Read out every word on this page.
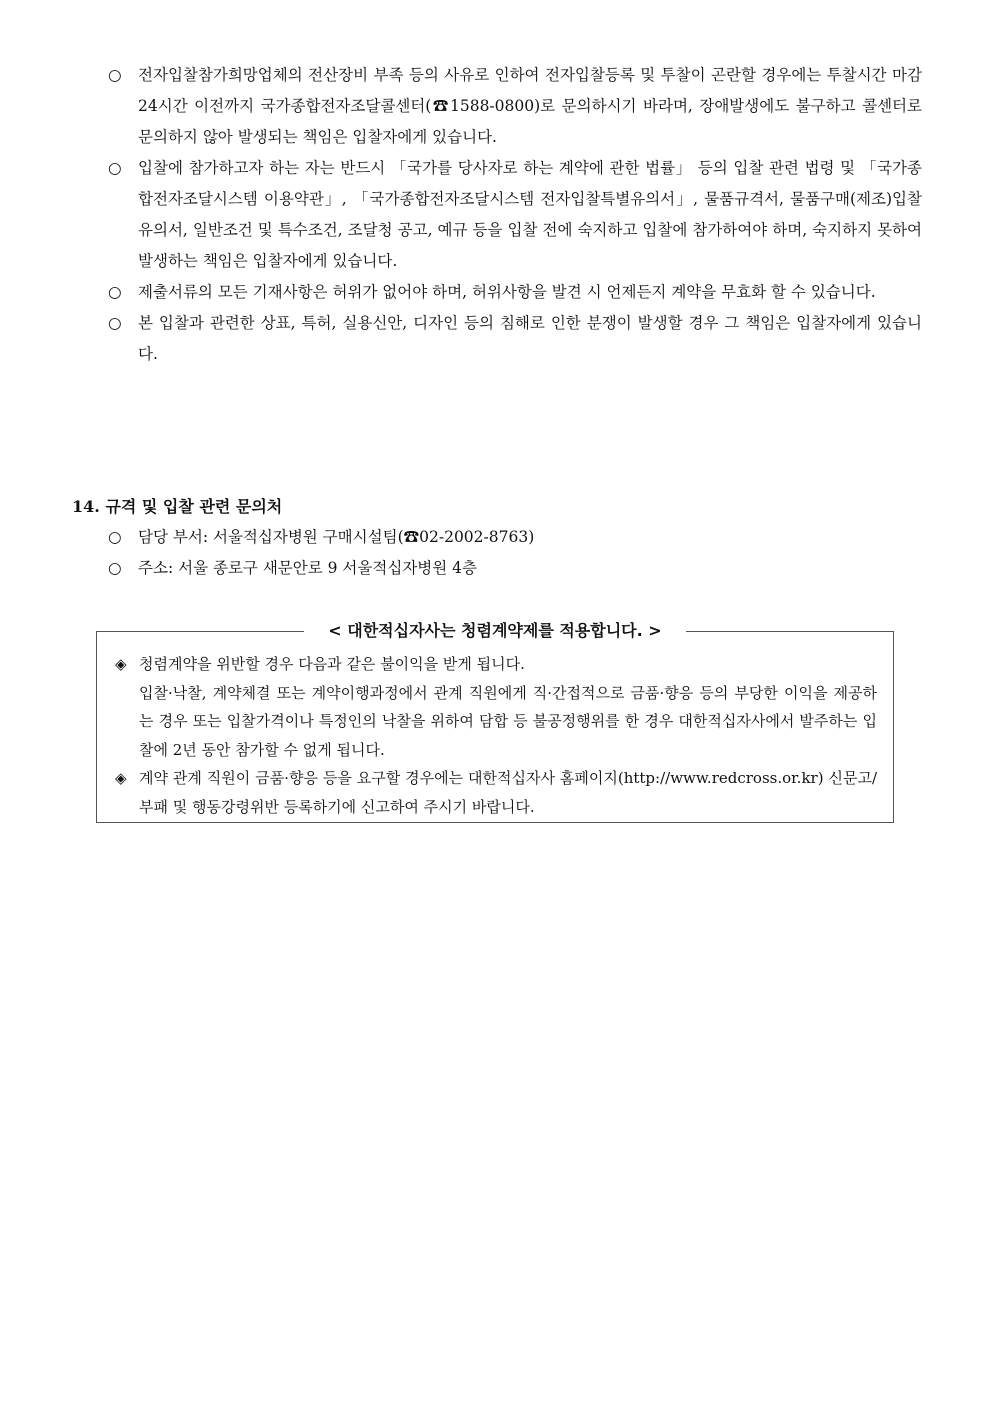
○ 전자입찰참가희망업체의 전산장비 부족 등의 사유로 인하여 전자입찰등록 및 투찰이 곤란할 경우에는 투찰시간 마감 24시간 이전까지 국가종합전자조달콜센터(☎1588-0800)로 문의하시기 바라며, 장애발생에도 불구하고 콜센터로 문의하지 않아 발생되는 책임은 입찰자에게 있습니다.
○ 입찰에 참가하고자 하는 자는 반드시 「국가를 당사자로 하는 계약에 관한 법률」 등의 입찰 관련 법령 및 「국가종합전자조달시스템 이용약관」, 「국가종합전자조달시스템 전자입찰특별유의서」, 물품규격서, 물품구매(제조)입찰유의서, 일반조건 및 특수조건, 조달청 공고, 예규 등을 입찰 전에 숙지하고 입찰에 참가하여야 하며, 숙지하지 못하여 발생하는 책임은 입찰자에게 있습니다.
○ 제출서류의 모든 기재사항은 허위가 없어야 하며, 허위사항을 발견 시 언제든지 계약을 무효화 할 수 있습니다.
○ 본 입찰과 관련한 상표, 특허, 실용신안, 디자인 등의 침해로 인한 분쟁이 발생할 경우 그 책임은 입찰자에게 있습니다.
14. 규격 및 입찰 관련 문의처
○ 담당 부서: 서울적십자병원 구매시설팀(☎02-2002-8763)
○ 주소: 서울 종로구 새문안로 9 서울적십자병원 4층
< 대한적십자사는 청렴계약제를 적용합니다. >
◈ 청렴계약을 위반할 경우 다음과 같은 불이익을 받게 됩니다.
입찰·낙찰, 계약체결 또는 계약이행과정에서 관계 직원에게 직·간접적으로 금품·향응 등의 부당한 이익을 제공하는 경우 또는 입찰가격이나 특정인의 낙찰을 위하여 담합 등 불공정행위를 한 경우 대한적십자사에서 발주하는 입찰에 2년 동안 참가할 수 없게 됩니다.
◈ 계약 관계 직원이 금품·향응 등을 요구할 경우에는 대한적십자사 홈페이지(http://www.redcross.or.kr) 신문고/부패 및 행동강령위반 등록하기에 신고하여 주시기 바랍니다.
